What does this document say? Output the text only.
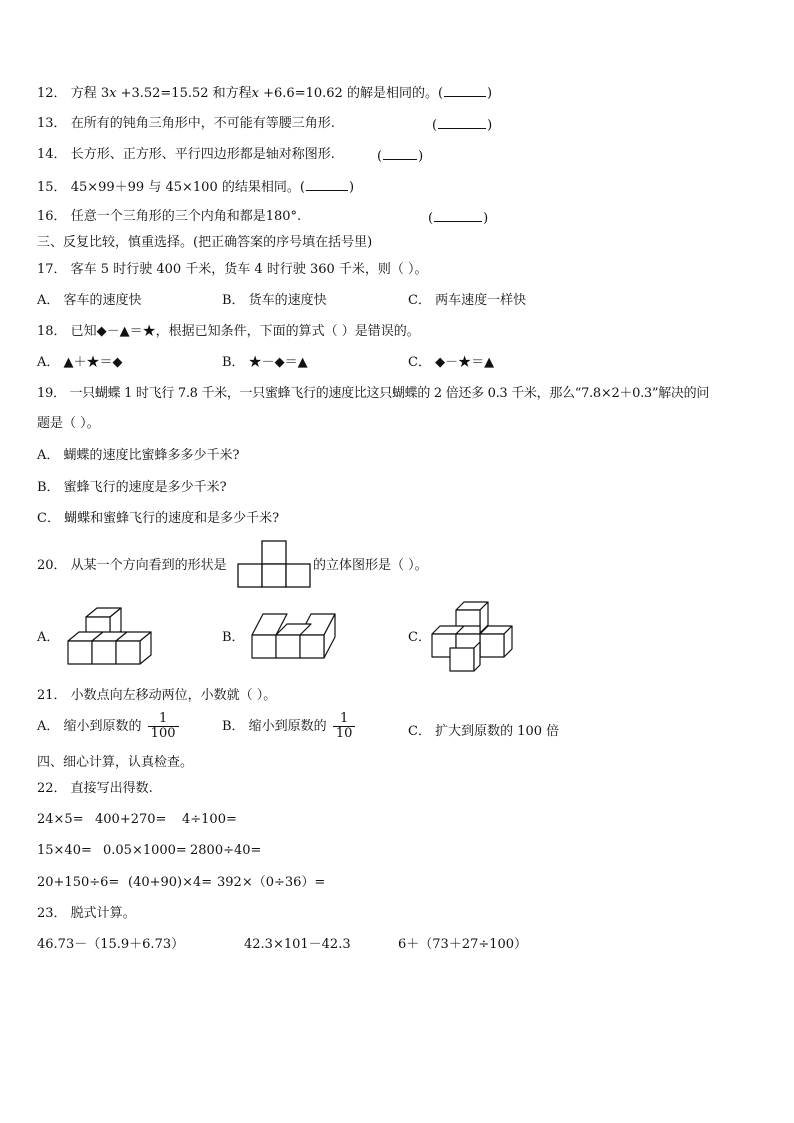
12． 方程 3x +3.52=15.52 和方程x +6.6=10.62 的解是相同的。(	)
13． 在所有的钝角三角形中，不可能有等腰三角形.	(	)
14． 长方形、正方形、平行四边形都是轴对称图形.	(	)
15． 45×99＋99 与 45×100 的结果相同。(	)
16． 任意一个三角形的三个内角和都是180°.	(	)
三、反复比较，慎重选择。(把正确答案的序号填在括号里)
17． 客车 5 时行驶 400 千米，货车 4 时行驶 360 千米，则（ ）。
A． 客车的速度快	B． 货车的速度快	C． 两车速度一样快
18． 已知◆－▲＝★，根据已知条件，下面的算式（ ）是错误的。
A． ▲＋★＝◆	B． ★－◆＝▲	C． ◆－★＝▲
19． 一只蝴蝶 1 时飞行 7.8 千米，一只蜜蜂飞行的速度比这只蝴蝶的 2 倍还多 0.3 千米，那么“7.8×2＋0.3”解决的问
题是（ ）。
A． 蝴蝶的速度比蜜蜂多多少千米?
B． 蜜蜂飞行的速度是多少千米?
C． 蝴蝶和蜜蜂飞行的速度和是多少千米?
20． 从某一个方向看到的形状是	的立体图形是（ ）。
A．	B．	C．
21． 小数点向左移动两位，小数就（ ）。
A． 缩小到原数的 $\frac{1}{100}$	B． 缩小到原数的 $\frac{1}{10}$	C． 扩大到原数的 100 倍
四、细心计算，认真检查。
22． 直接写出得数.
24×5= 400+270= 4÷100=
15×40= 0.05×1000= 2800÷40=
20+150÷6= (40+90)×4= 392×（0÷36）=
23． 脱式计算。
46.73－（15.9＋6.73）	42.3×101－42.3	6＋（73＋27÷100）
